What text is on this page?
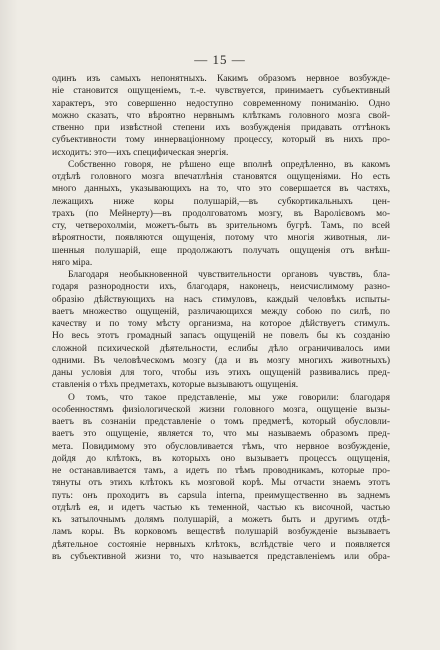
— 15 —

одинъ изъ самыхъ непонятныхъ. Какимъ образомъ нервное возбужде-
ніе становится ощущеніемъ, т.-е. чувствуется, принимаетъ субъективный
характеръ, это совершенно недоступно современному пониманію. Одно
можно сказать, что вѣроятно нервнымъ клѣткамъ головного мозга свой-
ственно при извѣстной степени ихъ возбужденія придавать оттѣнокъ
субъективности тому иннерваціонному процессу, который въ нихъ про-
исходитъ: это—ихъ специфическая энергія.

Собственно говоря, не рѣшено еще вполнѣ опредѣленно, въ какомъ
отдѣлѣ головного мозга впечатлѣнія становятся ощущеніями. Но есть
много данныхъ, указывающихъ на то, что это совершается въ частяхъ,
лежащихъ ниже коры полушарій,—въ субкортикальныхъ цен-
трахъ (по Мейнерту)—въ продолговатомъ мозгу, въ Варолієвомъ мо-
сту, четверохолміи, можетъ-быть въ зрительномъ бугрѣ. Тамъ, по всей
вѣроятности, появляются ощущенія, потому что многія животныя, ли-
шенныя полушарій, еще продолжаютъ получать ощущенія отъ внѣш-
няго міра.

Благодаря необыкновенной чувствительности органовъ чувствъ, бла-
годаря разнородности ихъ, благодаря, наконецъ, неисчислимому разно-
образію дѣйствующихъ на насъ стимуловъ, каждый человѣкъ испыты-
ваетъ множество ощущеній, различающихся между собою по силѣ, по
качеству и по тому мѣсту организма, на которое дѣйствуетъ стимулъ.
Но весь этотъ громадный запасъ ощущеній не повелъ бы къ созданію
сложной психической дѣятельности, еслибы дѣло ограничивалось ими
одними. Въ человѣческомъ мозгу (да и въ мозгу многихъ животныхъ)
даны условія для того, чтобы изъ этихъ ощущеній развивались пред-
ставленія о тѣхъ предметахъ, которые вызываютъ ощущенія.

О томъ, что такое представленіе, мы уже говорили: благодаря
особенностямъ физіологической жизни головного мозга, ощущеніе вызы-
ваетъ въ сознаніи представленіе о томъ предметѣ, который обусловли-
ваетъ это ощущеніе, является то, что мы называемъ образомъ пред-
мета. Повидимому это обусловливается тѣмъ, что нервное возбужденіе,
дойдя до клѣтокъ, въ которыхъ оно вызываетъ процессъ ощущенія,
не останавливается тамъ, а идетъ по тѣмъ проводникамъ, которые про-
тянуты отъ этихъ клѣтокъ къ мозговой корѣ. Мы отчасти знаемъ этотъ
путь: онъ проходитъ въ capsula interna, преимущественно въ заднемъ
отдѣлѣ ея, и идетъ частью къ теменной, частью къ височной, частью
къ затылочнымъ долямъ полушарій, а можетъ быть и другимъ отдѣ-
ламъ коры. Въ корковомъ веществѣ полушарій возбужденіе вызываетъ
дѣятельное состояніе нервныхъ клѣтокъ, вслѣдствіе чего и появляется
въ субъективной жизни то, что называется представленіемъ или обра-
